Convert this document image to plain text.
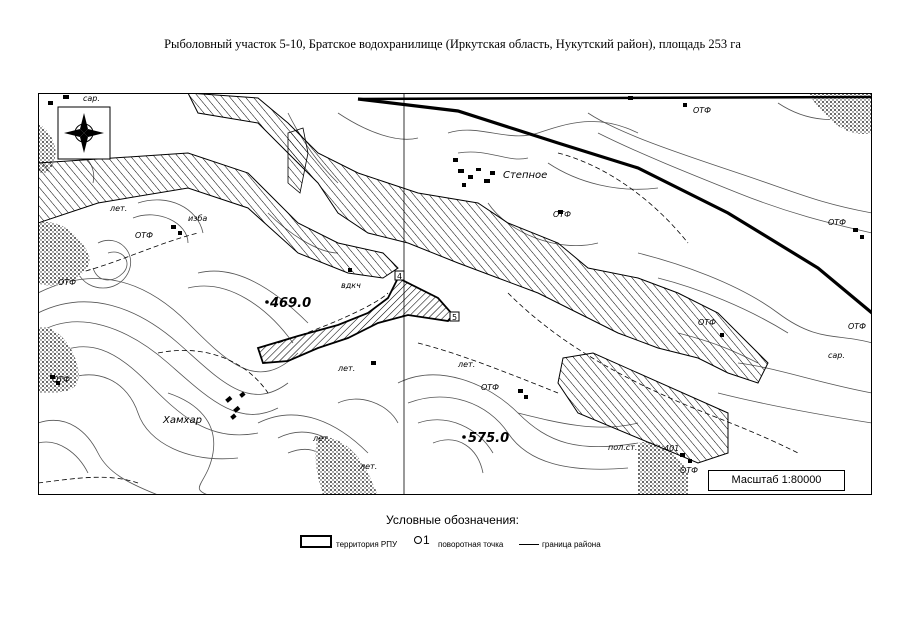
Рыболовный участок 5-10, Братское водохранилище (Иркутская область, Нукутский район), площадь 253 га
4
5
Степное
Хамхар
469.0
575.0
ОТФ
ОТФ
ОТФ
ОТФ
ОТФ
ОТФ
ОТФ
ОТФ
ОТФ
ОТФ
лет.
лет.	лет.
лет.
лет.
сар.
сар.
пол.ст.
изба
вдкч
401
Масштаб 1:80000
Условные обозначения:
территория РПУ 1 поворотная точка	граница района
